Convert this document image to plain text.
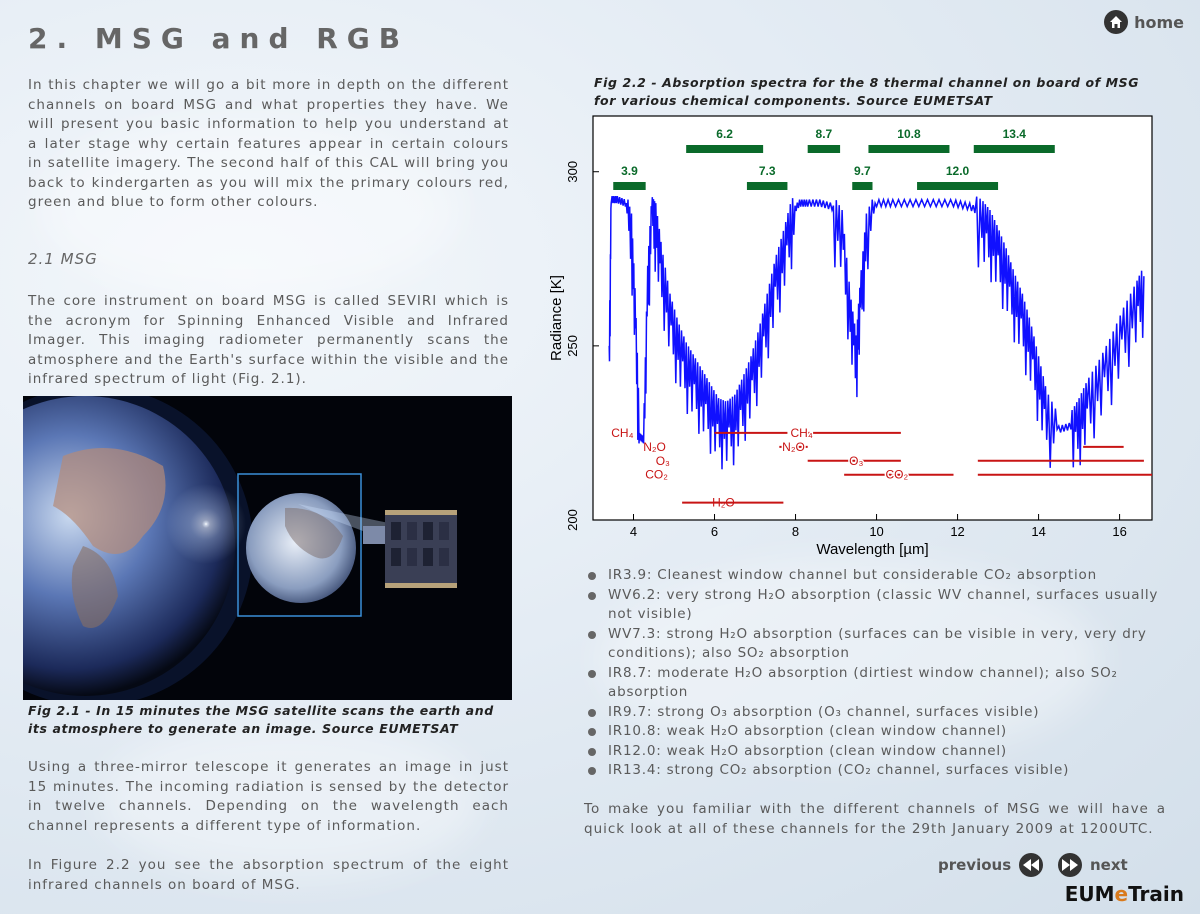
2. MSG and RGB	home

In this chapter we will go a bit more in depth on the different channels on board MSG and what properties they have. We will present you basic information to help you understand at a later stage why certain features appear in certain colours in satellite imagery. The second half of this CAL will bring you back to kindergarten as you will mix the primary colours red, green and blue to form other colours.

2.1 MSG

The core instrument on board MSG is called SEVIRI which is the acronym for Spinning Enhanced Visible and Infrared Imager. This imaging radiometer permanently scans the atmosphere and the Earth's surface within the visible and the infrared spectrum of light (Fig. 2.1).

Fig 2.1 - In 15 minutes the MSG satellite scans the earth and its atmosphere to generate an image. Source EUMETSAT

Using a three-mirror telescope it generates an image in just 15 minutes. The incoming radiation is sensed by the detector in twelve channels. Depending on the wavelength each channel represents a different type of information.

In Figure 2.2 you see the absorption spectrum of the eight infrared channels on board of MSG.

Fig 2.2 - Absorption spectra for the 8 thermal channel on board of MSG for various chemical components. Source EUMETSAT

4	6	8	10	12	14	16
200
250
300
Wavelength [µm]
Radiance [K]
3.9
6.2
7.3
8.7
9.7
10.8
12.0
13.4
CH₄	CH₄
N₂O	N₂O
O₃	O₃
CO₂	CO₂
H₂O
IR3.9: Cleanest window channel but considerable CO₂ absorption
WV6.2: very strong H₂O absorption (classic WV channel, surfaces usually not visible)
WV7.3: strong H₂O absorption (surfaces can be visible in very, very dry conditions); also SO₂ absorption
IR8.7: moderate H₂O absorption (dirtiest window channel); also SO₂ absorption
IR9.7: strong O₃ absorption (O₃ channel, surfaces visible)
IR10.8: weak H₂O absorption (clean window channel)
IR12.0: weak H₂O absorption (clean window channel)
IR13.4: strong CO₂ absorption (CO₂ channel, surfaces visible)

To make you familiar with the different channels of MSG we will have a quick look at all of these channels for the 29th January 2009 at 1200UTC.

previous	next
EUMeTrain
